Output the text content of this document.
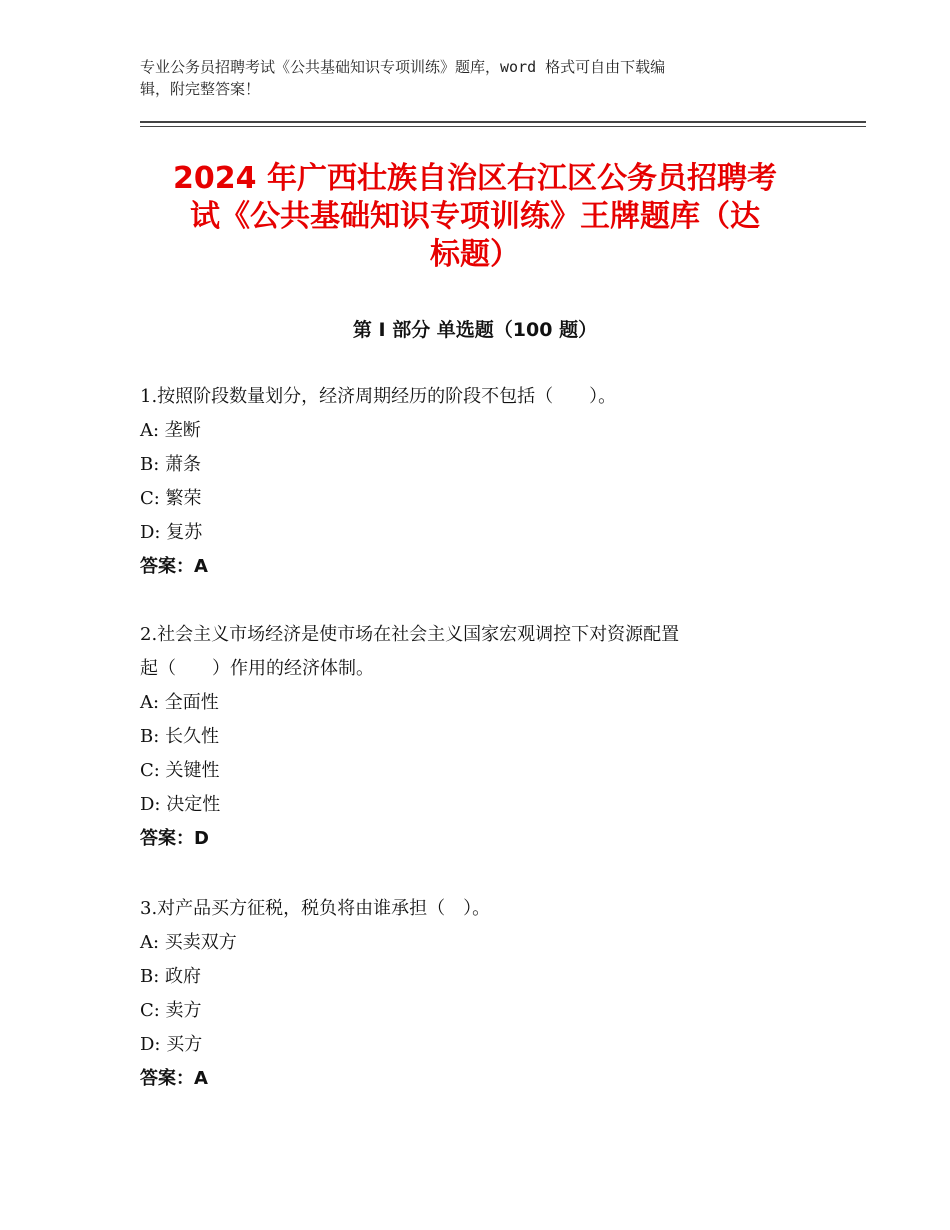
专业公务员招聘考试《公共基础知识专项训练》题库，word 格式可自由下载编
辑，附完整答案！
2024 年广西壮族自治区右江区公务员招聘考
试《公共基础知识专项训练》王牌题库（达
标题）
第 I 部分 单选题（100 题）
1.按照阶段数量划分，经济周期经历的阶段不包括（　　）。
A: 垄断
B: 萧条
C: 繁荣
D: 复苏
答案：A
2.社会主义市场经济是使市场在社会主义国家宏观调控下对资源配置
起（　　）作用的经济体制。
A: 全面性
B: 长久性
C: 关键性
D: 决定性
答案：D
3.对产品买方征税，税负将由谁承担（　）。
A: 买卖双方
B: 政府
C: 卖方
D: 买方
答案：A
